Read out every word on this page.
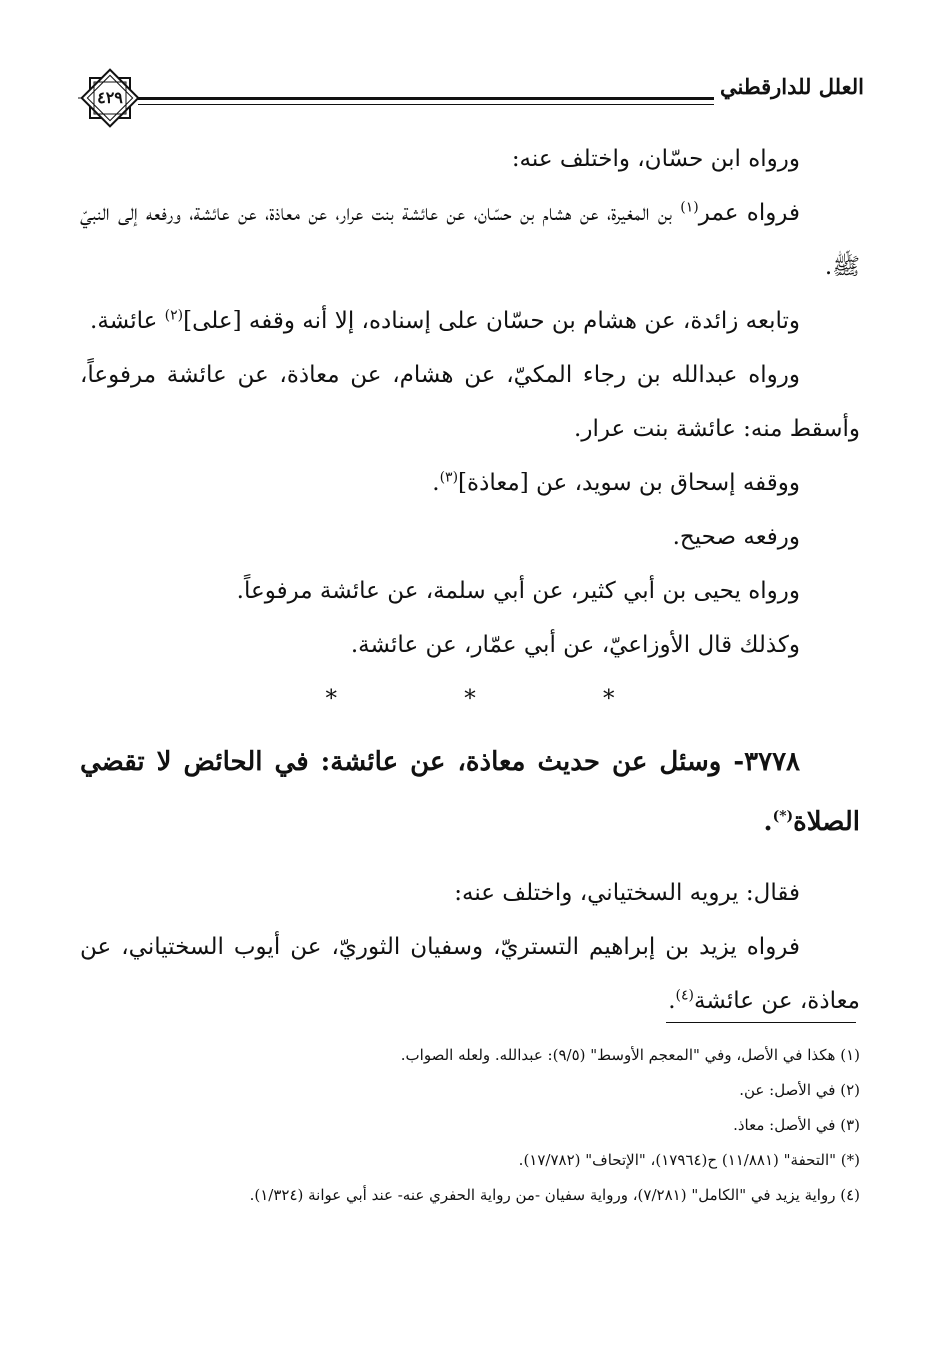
العلل للدارقطني
٤٢٩

ورواه ابن حسّان، واختلف عنه:

فرواه عمر$^{(١)}$ بن المغيرة، عن هشام بن حسّان، عن عائشة بنت عرار، عن معاذة، عن عائشة، ورفعه إلى النبيّ ﷺ.

وتابعه زائدة، عن هشام بن حسّان على إسناده، إلا أنه وقفه [على]$^{(٢)}$ عائشة.

ورواه عبدالله بن رجاء المكيّ، عن هشام، عن معاذة، عن عائشة مرفوعاً، وأسقط منه: عائشة بنت عرار.

ووقفه إسحاق بن سويد، عن [معاذة]$^{(٣)}$.

ورفعه صحيح.

ورواه يحيى بن أبي كثير، عن أبي سلمة، عن عائشة مرفوعاً.

وكذلك قال الأوزاعيّ، عن أبي عمّار، عن عائشة.

* * *

٣٧٧٨- وسئل عن حديث معاذة، عن عائشة: في الحائض لا تقضي الصلاة(*).

فقال: يرويه السختياني، واختلف عنه:

فرواه يزيد بن إبراهيم التستريّ، وسفيان الثوريّ، عن أيوب السختياني، عن معاذة، عن عائشة$^{(٤)}$.

(١) هكذا في الأصل، وفي "المعجم الأوسط" (٩/٥): عبدالله. ولعله الصواب.

(٢) في الأصل: عن.

(٣) في الأصل: معاذ.

(*) "التحفة" (١١/٨٨١) ح(١٧٩٦٤)، "الإتحاف" (١٧/٧٨٢).

(٤) رواية يزيد في "الكامل" (٧/٢٨١)، ورواية سفيان -من رواية الحفري عنه- عند أبي عوانة (١/٣٢٤).
